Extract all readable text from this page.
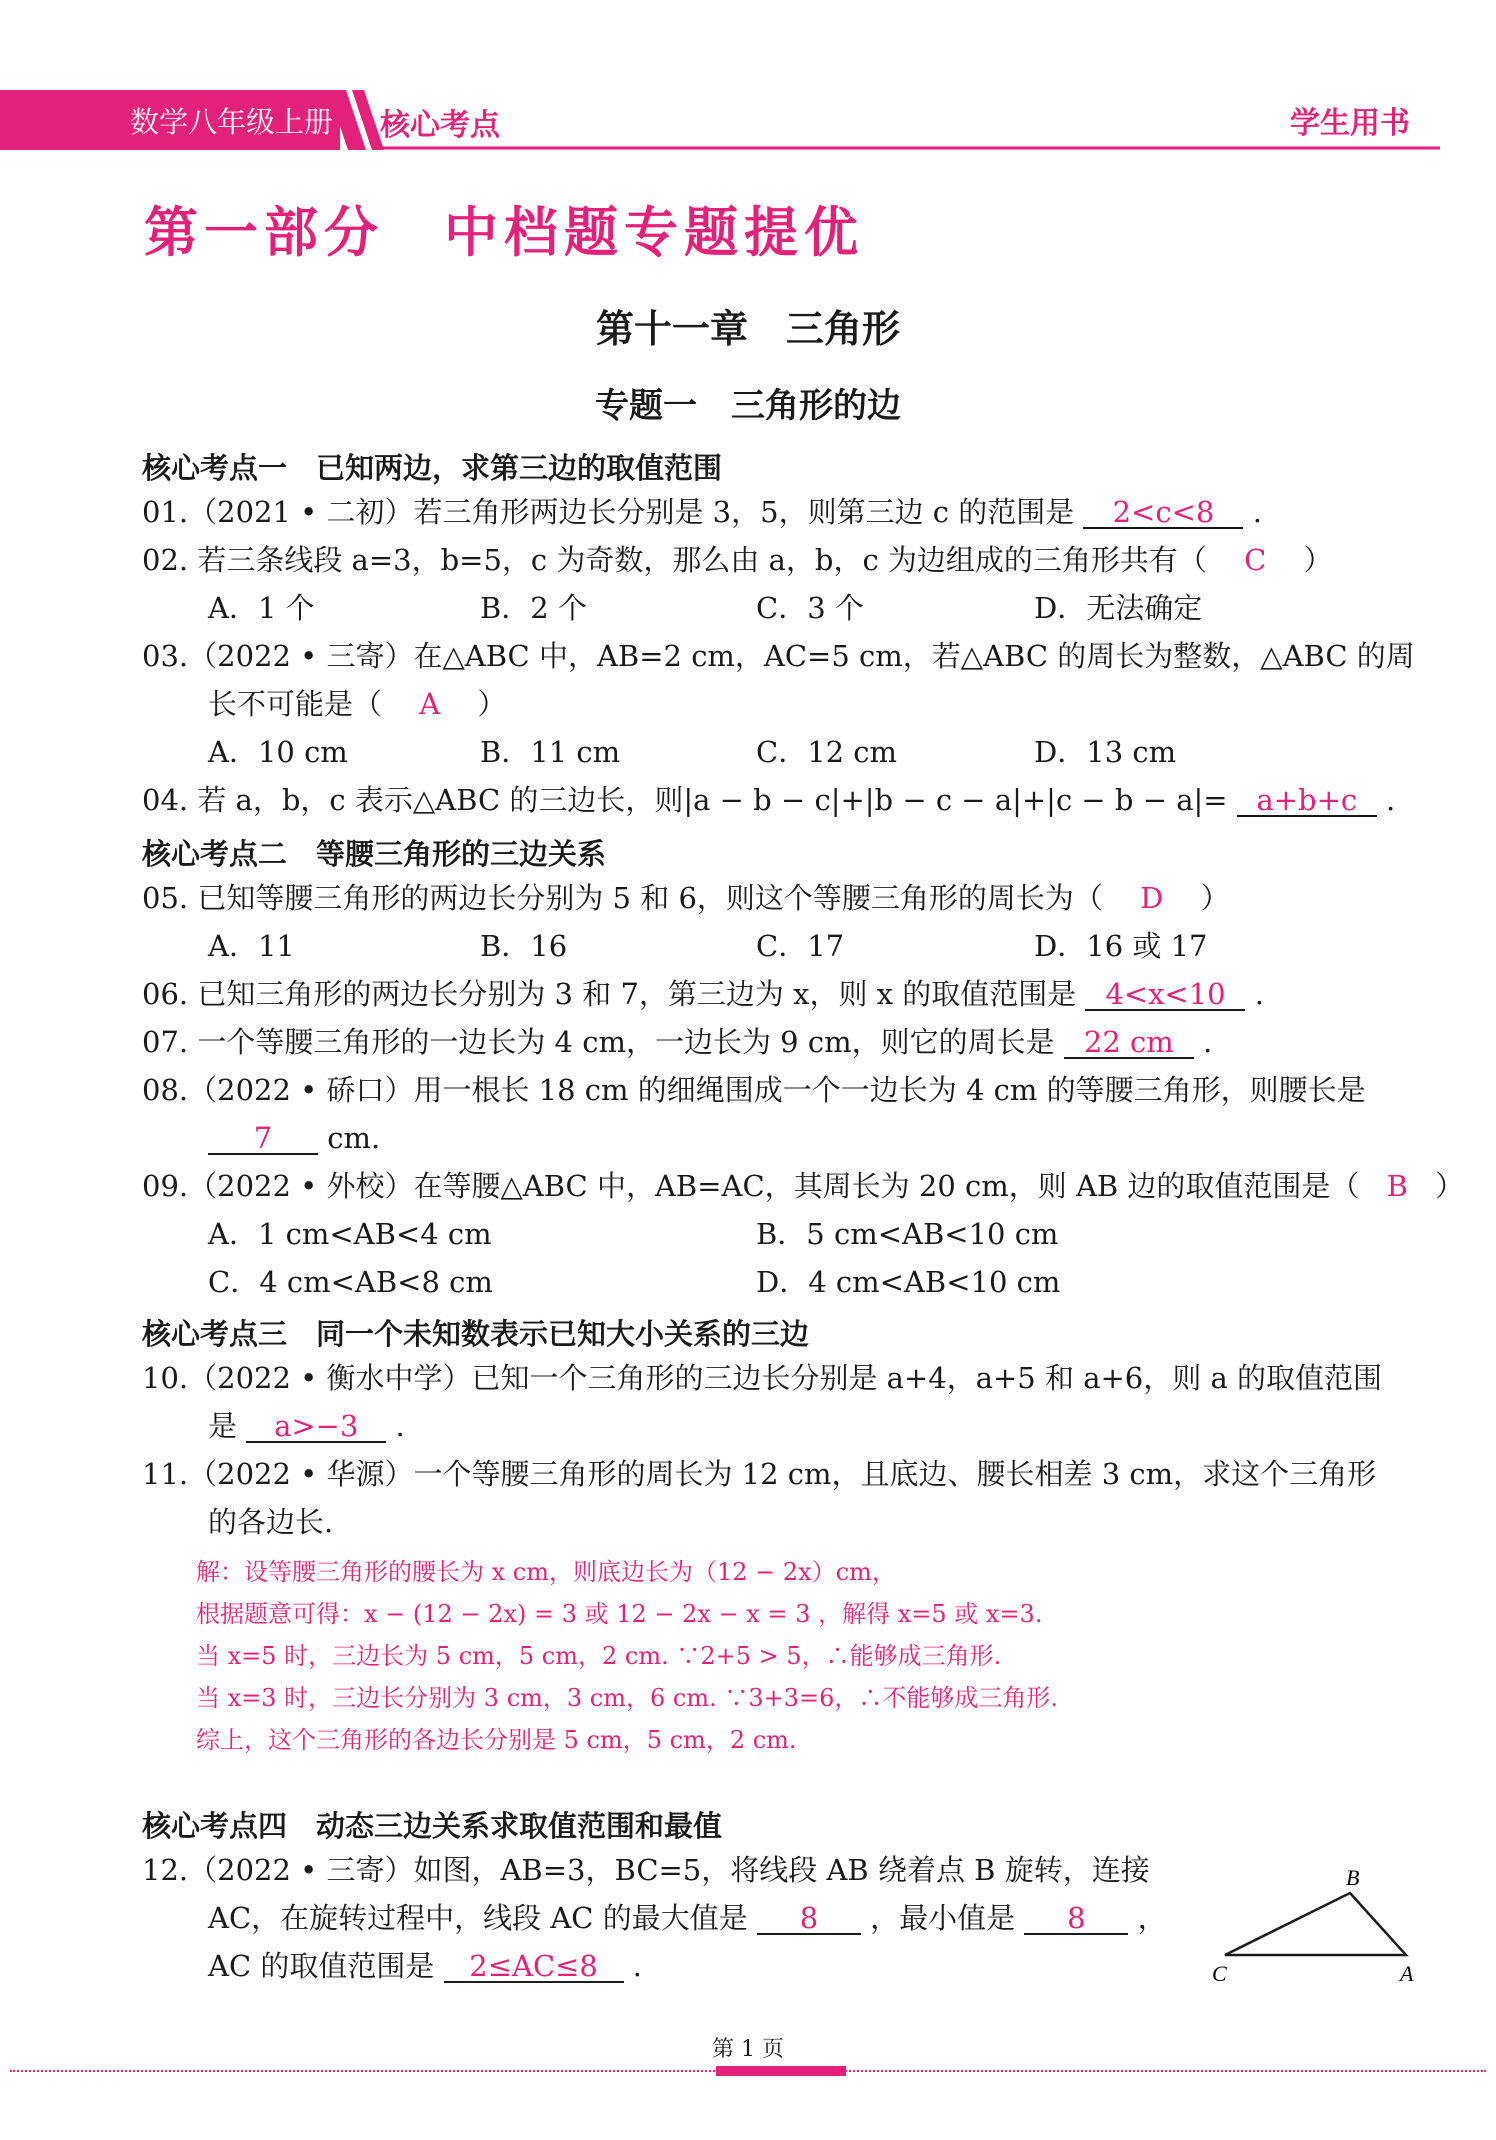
数学八年级上册 核心考点	学生用书
第一部分　中档题专题提优
第十一章　三角形
专题一　三角形的边
核心考点一　已知两边，求第三边的取值范围
01.（2021 • 二初）若三角形两边长分别是 3，5，则第三边 c 的范围是 2<c<8 .
02. 若三条线段 a=3，b=5，c 为奇数，那么由 a，b，c 为边组成的三角形共有（ C ）
A．1 个	B．2 个	C．3 个	D．无法确定
03.（2022 • 三寄）在△ABC 中，AB=2 cm，AC=5 cm，若△ABC 的周长为整数，△ABC 的周
长不可能是（ A ）
A．10 cm	B．11 cm	C．12 cm	D．13 cm
04. 若 a，b，c 表示△ABC 的三边长，则|a − b − c|+|b − c − a|+|c − b − a|= a+b+c .
核心考点二　等腰三角形的三边关系
05. 已知等腰三角形的两边长分别为 5 和 6，则这个等腰三角形的周长为（ D ）
A．11	B．16	C．17	D．16 或 17
06. 已知三角形的两边长分别为 3 和 7，第三边为 x，则 x 的取值范围是 4<x<10 .
07. 一个等腰三角形的一边长为 4 cm，一边长为 9 cm，则它的周长是 22 cm .
08.（2022 • 硚口）用一根长 18 cm 的细绳围成一个一边长为 4 cm 的等腰三角形，则腰长是
7 cm.
09.（2022 • 外校）在等腰△ABC 中，AB=AC，其周长为 20 cm，则 AB 边的取值范围是（ B ）
A．1 cm<AB<4 cm	B．5 cm<AB<10 cm
C．4 cm<AB<8 cm	D．4 cm<AB<10 cm
核心考点三　同一个未知数表示已知大小关系的三边
10.（2022 • 衡水中学）已知一个三角形的三边长分别是 a+4，a+5 和 a+6，则 a 的取值范围
是 a>−3 .
11.（2022 • 华源）一个等腰三角形的周长为 12 cm，且底边、腰长相差 3 cm，求这个三角形
的各边长.
解：设等腰三角形的腰长为 x cm，则底边长为（12 − 2x）cm，
根据题意可得：x − (12 − 2x) = 3 或 12 − 2x − x = 3 ，解得 x=5 或 x=3.
当 x=5 时，三边长为 5 cm，5 cm，2 cm. ∵2+5 > 5，∴能够成三角形.
当 x=3 时，三边长分别为 3 cm，3 cm，6 cm. ∵3+3=6，∴不能够成三角形.
综上，这个三角形的各边长分别是 5 cm，5 cm，2 cm.
核心考点四　动态三边关系求取值范围和最值
12.（2022 • 三寄）如图，AB=3，BC=5，将线段 AB 绕着点 B 旋转，连接
AC，在旋转过程中，线段 AC 的最大值是 8 ，最小值是 8 ，
AC 的取值范围是 2≤AC≤8 .
B
C	A
第 1 页
